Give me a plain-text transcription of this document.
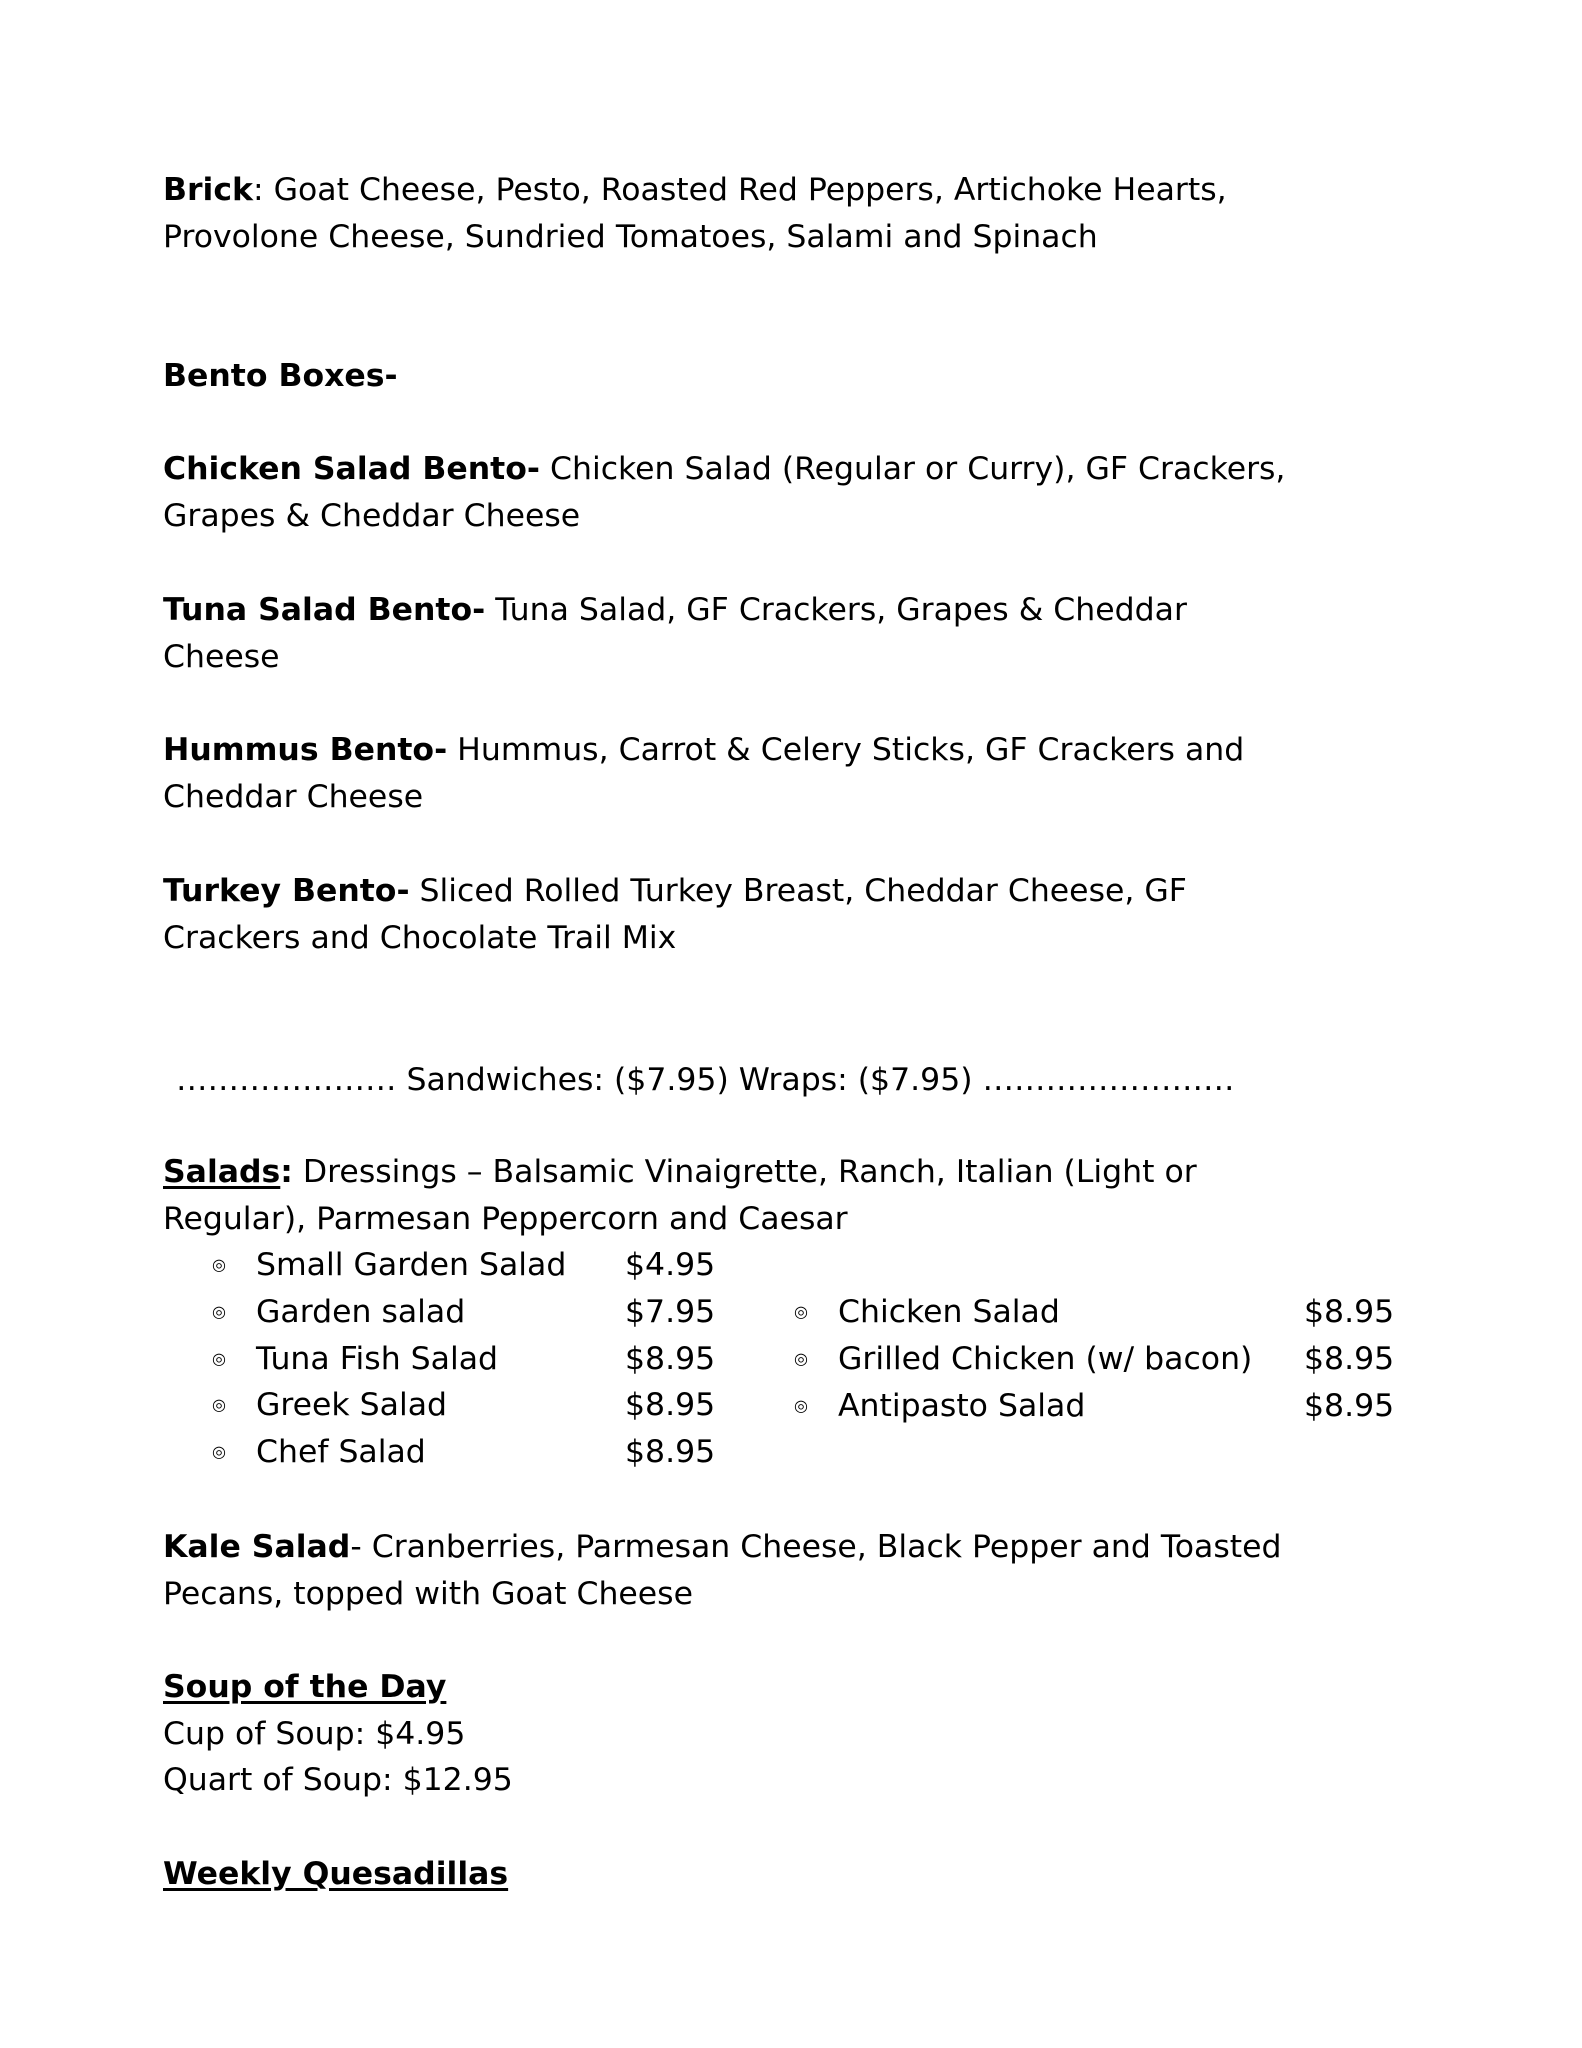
Brick: Goat Cheese, Pesto, Roasted Red Peppers, Artichoke Hearts,
Provolone Cheese, Sundried Tomatoes, Salami and Spinach
Bento Boxes-
Chicken Salad Bento- Chicken Salad (Regular or Curry), GF Crackers,
Grapes & Cheddar Cheese
Tuna Salad Bento- Tuna Salad, GF Crackers, Grapes & Cheddar
Cheese
Hummus Bento- Hummus, Carrot & Celery Sticks, GF Crackers and
Cheddar Cheese
Turkey Bento- Sliced Rolled Turkey Breast, Cheddar Cheese, GF
Crackers and Chocolate Trail Mix
………………… Sandwiches: ($7.95) Wraps: ($7.95) ……………………
Salads: Dressings – Balsamic Vinaigrette, Ranch, Italian (Light or
Regular), Parmesan Peppercorn and Caesar
◎ Small Garden Salad $4.95
◎ Garden salad	$7.95
◎ Tuna Fish Salad	$8.95
◎ Greek Salad	$8.95
◎ Chef Salad	$8.95
◎ Chicken Salad	$8.95
◎ Grilled Chicken (w/ bacon) $8.95
◎ Antipasto Salad	$8.95
Kale Salad- Cranberries, Parmesan Cheese, Black Pepper and Toasted
Pecans, topped with Goat Cheese
Soup of the Day
Cup of Soup: $4.95
Quart of Soup: $12.95
Weekly Quesadillas
